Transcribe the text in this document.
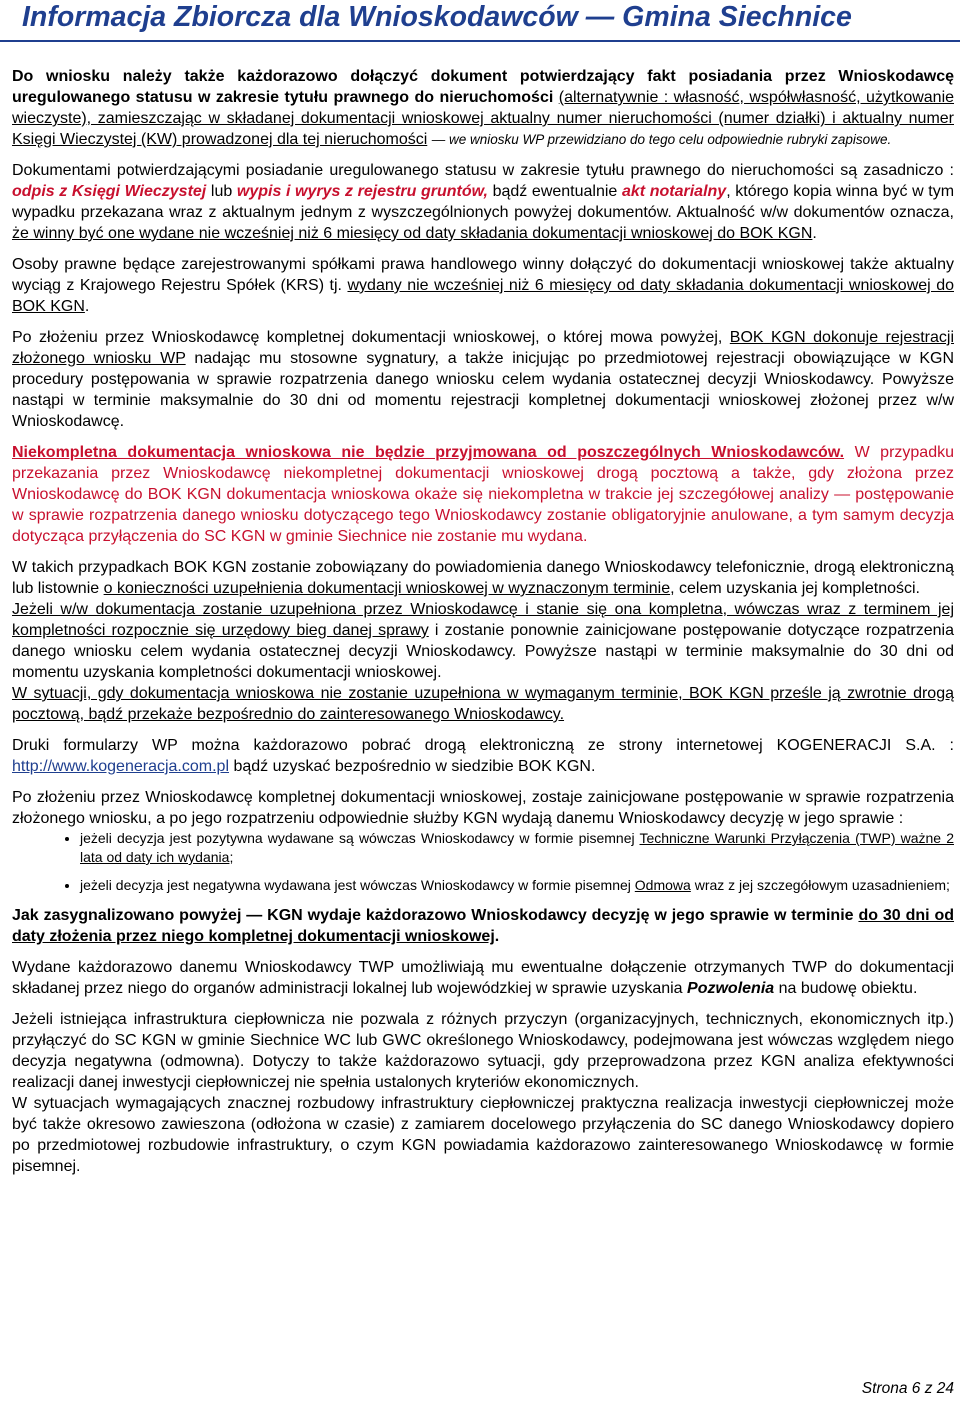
Informacja Zbiorcza dla Wnioskodawców — Gmina Siechnice

Do wniosku należy także każdorazowo dołączyć dokument potwierdzający fakt posiadania przez Wnioskodawcę uregulowanego statusu w zakresie tytułu prawnego do nieruchomości (alternatywnie : własność, współwłasność, użytkowanie wieczyste), zamieszczając w składanej dokumentacji wnioskowej aktualny numer nieruchomości (numer działki) i aktualny numer Księgi Wieczystej (KW) prowadzonej dla tej nieruchomości — we wniosku WP przewidziano do tego celu odpowiednie rubryki zapisowe.

Dokumentami potwierdzającymi posiadanie uregulowanego statusu w zakresie tytułu prawnego do nieruchomości są zasadniczo : odpis z Księgi Wieczystej lub wypis i wyrys z rejestru gruntów, bądź ewentualnie akt notarialny, którego kopia winna być w tym wypadku przekazana wraz z aktualnym jednym z wyszczególnionych powyżej dokumentów. Aktualność w/w dokumentów oznacza, że winny być one wydane nie wcześniej niż 6 miesięcy od daty składania dokumentacji wnioskowej do BOK KGN.

Osoby prawne będące zarejestrowanymi spółkami prawa handlowego winny dołączyć do dokumentacji wnioskowej także aktualny wyciąg z Krajowego Rejestru Spółek (KRS) tj. wydany nie wcześniej niż 6 miesięcy od daty składania dokumentacji wnioskowej do BOK KGN.

Po złożeniu przez Wnioskodawcę kompletnej dokumentacji wnioskowej, o której mowa powyżej, BOK KGN dokonuje rejestracji złożonego wniosku WP nadając mu stosowne sygnatury, a także inicjując po przedmiotowej rejestracji obowiązujące w KGN procedury postępowania w sprawie rozpatrzenia danego wniosku celem wydania ostatecznej decyzji Wnioskodawcy. Powyższe nastąpi w terminie maksymalnie do 30 dni od momentu rejestracji kompletnej dokumentacji wnioskowej złożonej przez w/w Wnioskodawcę.

Niekompletna dokumentacja wnioskowa nie będzie przyjmowana od poszczególnych Wnioskodawców. W przypadku przekazania przez Wnioskodawcę niekompletnej dokumentacji wnioskowej drogą pocztową a także, gdy złożona przez Wnioskodawcę do BOK KGN dokumentacja wnioskowa okaże się niekompletna w trakcie jej szczegółowej analizy — postępowanie w sprawie rozpatrzenia danego wniosku dotyczącego tego Wnioskodawcy zostanie obligatoryjnie anulowane, a tym samym decyzja dotycząca przyłączenia do SC KGN w gminie Siechnice nie zostanie mu wydana.

W takich przypadkach BOK KGN zostanie zobowiązany do powiadomienia danego Wnioskodawcy telefonicznie, drogą elektroniczną lub listownie o konieczności uzupełnienia dokumentacji wnioskowej w wyznaczonym terminie, celem uzyskania jej kompletności.

Jeżeli w/w dokumentacja zostanie uzupełniona przez Wnioskodawcę i stanie się ona kompletna, wówczas wraz z terminem jej kompletności rozpocznie się urzędowy bieg danej sprawy i zostanie ponownie zainicjowane postępowanie dotyczące rozpatrzenia danego wniosku celem wydania ostatecznej decyzji Wnioskodawcy. Powyższe nastąpi w terminie maksymalnie do 30 dni od momentu uzyskania kompletności dokumentacji wnioskowej.

W sytuacji, gdy dokumentacja wnioskowa nie zostanie uzupełniona w wymaganym terminie, BOK KGN prześle ją zwrotnie drogą pocztową, bądź przekaże bezpośrednio do zainteresowanego Wnioskodawcy.

Druki formularzy WP można każdorazowo pobrać drogą elektroniczną ze strony internetowej KOGENERACJI S.A. : http://www.kogeneracja.com.pl bądź uzyskać bezpośrednio w siedzibie BOK KGN.

Po złożeniu przez Wnioskodawcę kompletnej dokumentacji wnioskowej, zostaje zainicjowane postępowanie w sprawie rozpatrzenia złożonego wniosku, a po jego rozpatrzeniu odpowiednie służby KGN wydają danemu Wnioskodawcy decyzję w jego sprawie :

• jeżeli decyzja jest pozytywna wydawane są wówczas Wnioskodawcy w formie pisemnej Techniczne Warunki Przyłączenia (TWP) ważne 2 lata od daty ich wydania;
• jeżeli decyzja jest negatywna wydawana jest wówczas Wnioskodawcy w formie pisemnej Odmowa wraz z jej szczegółowym uzasadnieniem;

Jak zasygnalizowano powyżej — KGN wydaje każdorazowo Wnioskodawcy decyzję w jego sprawie w terminie do 30 dni od daty złożenia przez niego kompletnej dokumentacji wnioskowej.

Wydane każdorazowo danemu Wnioskodawcy TWP umożliwiają mu ewentualne dołączenie otrzymanych TWP do dokumentacji składanej przez niego do organów administracji lokalnej lub wojewódzkiej w sprawie uzyskania Pozwolenia na budowę obiektu.

Jeżeli istniejąca infrastruktura ciepłownicza nie pozwala z różnych przyczyn (organizacyjnych, technicznych, ekonomicznych itp.) przyłączyć do SC KGN w gminie Siechnice WC lub GWC określonego Wnioskodawcy, podejmowana jest wówczas względem niego decyzja negatywna (odmowna). Dotyczy to także każdorazowo sytuacji, gdy przeprowadzona przez KGN analiza efektywności realizacji danej inwestycji ciepłowniczej nie spełnia ustalonych kryteriów ekonomicznych.

W sytuacjach wymagających znacznej rozbudowy infrastruktury ciepłowniczej praktyczna realizacja inwestycji ciepłowniczej może być także okresowo zawieszona (odłożona w czasie) z zamiarem docelowego przyłączenia do SC danego Wnioskodawcy dopiero po przedmiotowej rozbudowie infrastruktury, o czym KGN powiadamia każdorazowo zainteresowanego Wnioskodawcę w formie pisemnej.

Strona 6 z 24
